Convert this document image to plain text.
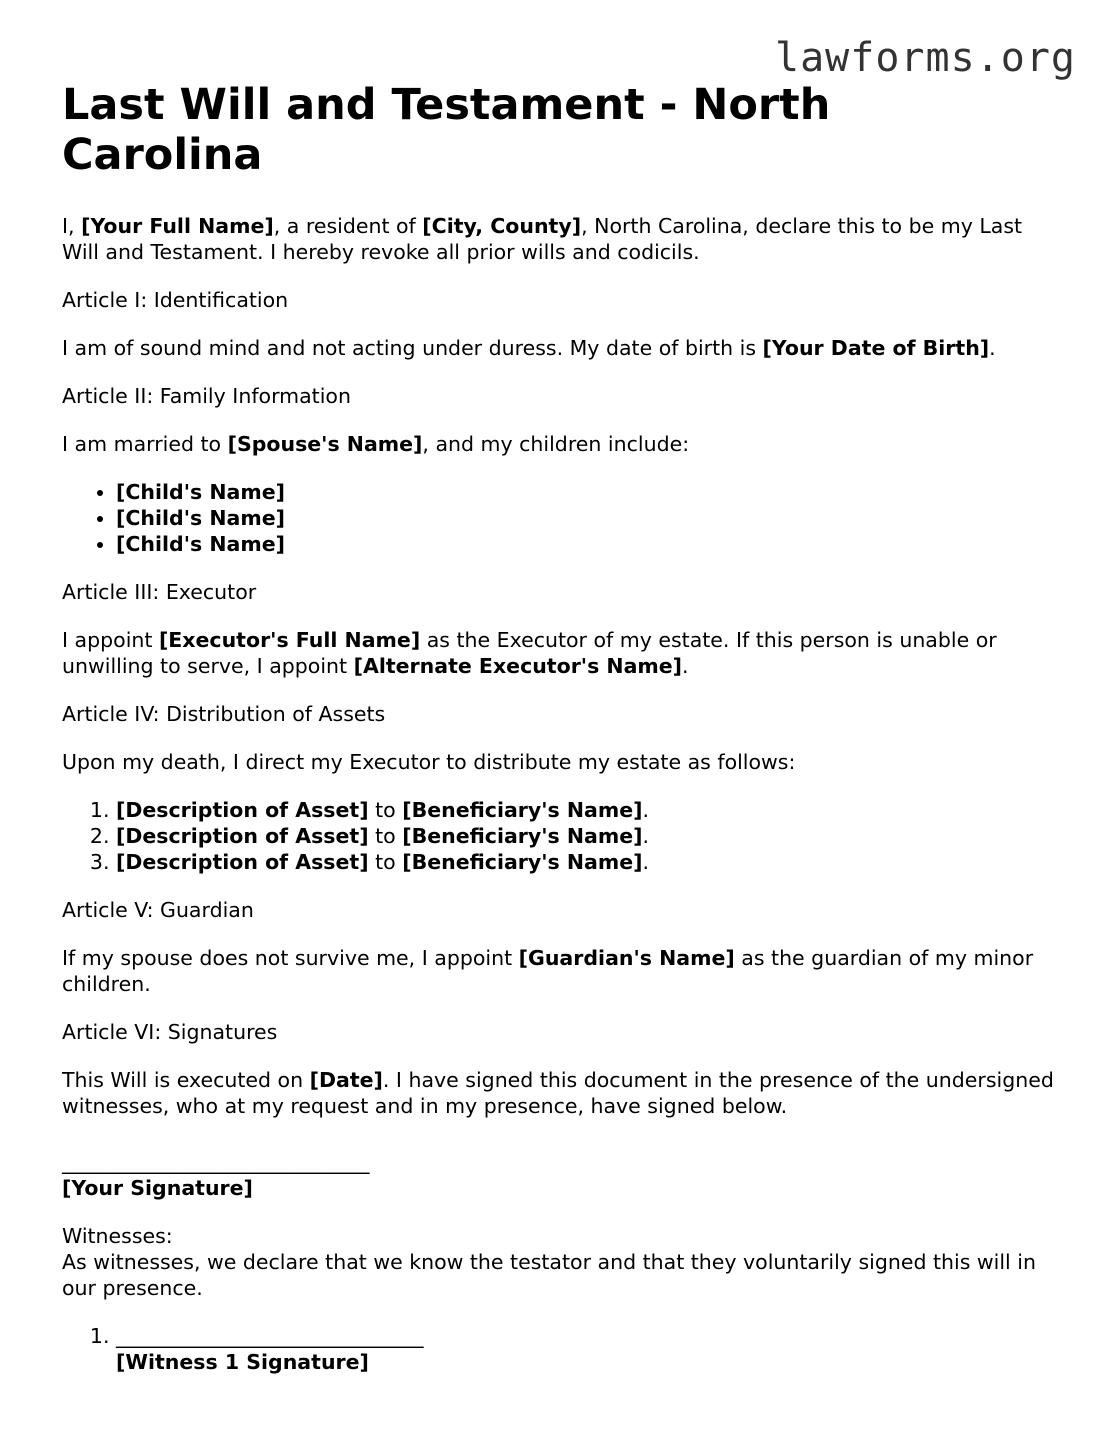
lawforms.org
Last Will and Testament - North Carolina

I, [Your Full Name], a resident of [City, County], North Carolina, declare this to be my Last Will and Testament. I hereby revoke all prior wills and codicils.

Article I: Identification

I am of sound mind and not acting under duress. My date of birth is [Your Date of Birth].

Article II: Family Information

I am married to [Spouse's Name], and my children include:

• [Child's Name]
• [Child's Name]
• [Child's Name]

Article III: Executor

I appoint [Executor's Full Name] as the Executor of my estate. If this person is unable or unwilling to serve, I appoint [Alternate Executor's Name].

Article IV: Distribution of Assets

Upon my death, I direct my Executor to distribute my estate as follows:

1. [Description of Asset] to [Beneficiary's Name].
2. [Description of Asset] to [Beneficiary's Name].
3. [Description of Asset] to [Beneficiary's Name].

Article V: Guardian

If my spouse does not survive me, I appoint [Guardian's Name] as the guardian of my minor children.

Article VI: Signatures

This Will is executed on [Date]. I have signed this document in the presence of the undersigned witnesses, who at my request and in my presence, have signed below.

______________________________
[Your Signature]

Witnesses:
As witnesses, we declare that we know the testator and that they voluntarily signed this will in our presence.

1. ______________________________
[Witness 1 Signature]
